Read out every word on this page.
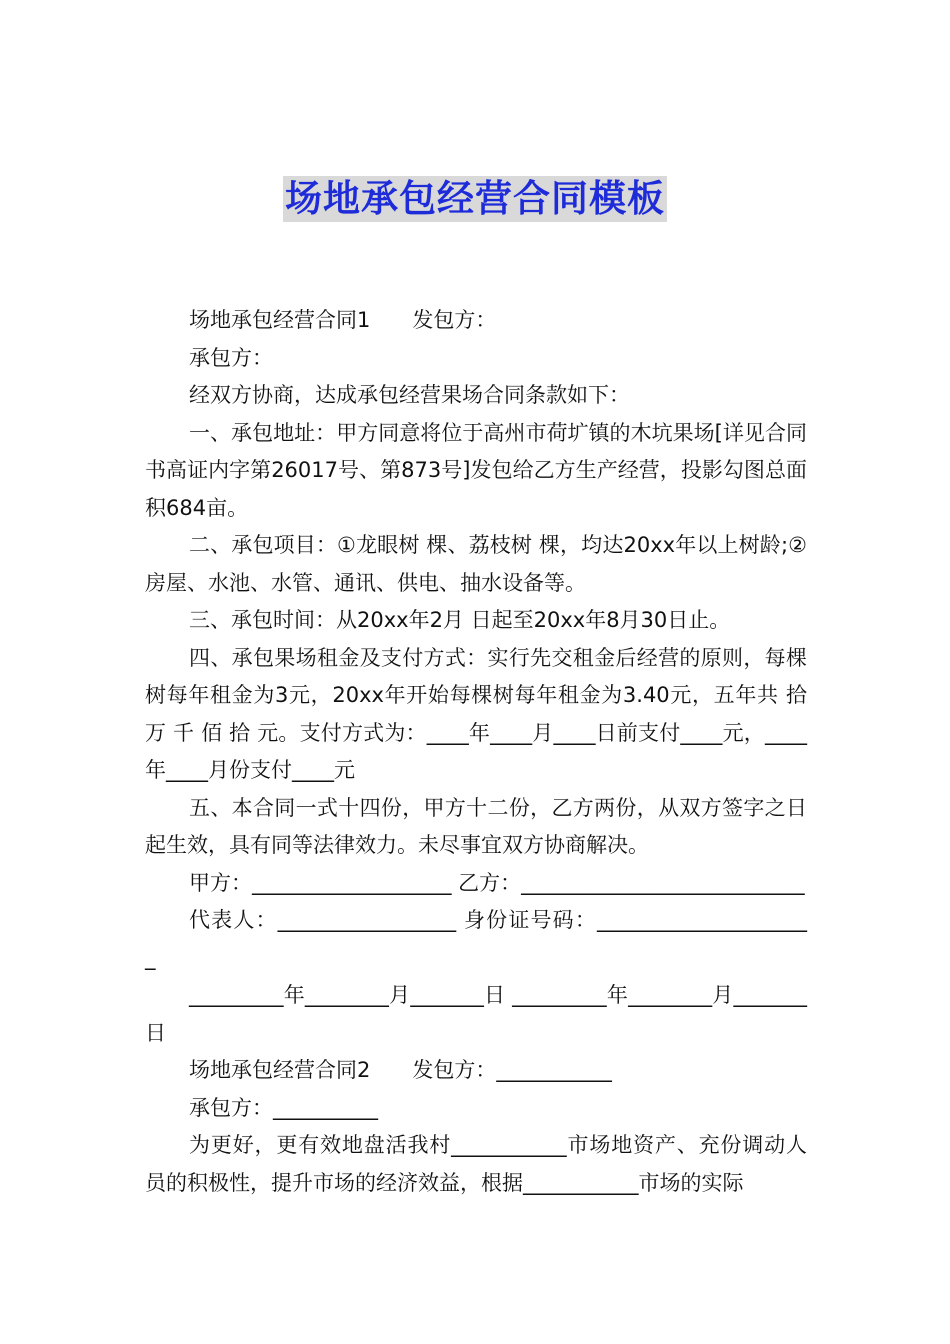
场地承包经营合同模板

场地承包经营合同1　　发包方：

承包方：

经双方协商，达成承包经营果场合同条款如下：

一、承包地址：甲方同意将位于高州市荷圹镇的木坑果场[详见合同书高证内字第26017号、第873号]发包给乙方生产经营，投影勾图总面积684亩。

二、承包项目：①龙眼树 棵、荔枝树 棵，均达20xx年以上树龄;② 房屋、水池、水管、通讯、供电、抽水设备等。

三、承包时间：从20xx年2月 日起至20xx年8月30日止。

四、承包果场租金及支付方式：实行先交租金后经营的原则，每棵树每年租金为3元，20xx年开始每棵树每年租金为3.40元，五年共 拾 万 千 佰 拾 元。支付方式为：____年____月____日前支付____元，____年____月份支付____元

五、本合同一式十四份，甲方十二份，乙方两份，从双方签字之日起生效，具有同等法律效力。未尽事宜双方协商解决。

甲方：___________________ 乙方：___________________________

代表人：_________________ 身份证号码：____________________ _

_________年________月_______日 _________年________月_______日

场地承包经营合同2　　发包方：___________

承包方：__________

为更好，更有效地盘活我村___________市场地资产、充份调动人员的积极性，提升市场的经济效益，根据___________市场的实际
